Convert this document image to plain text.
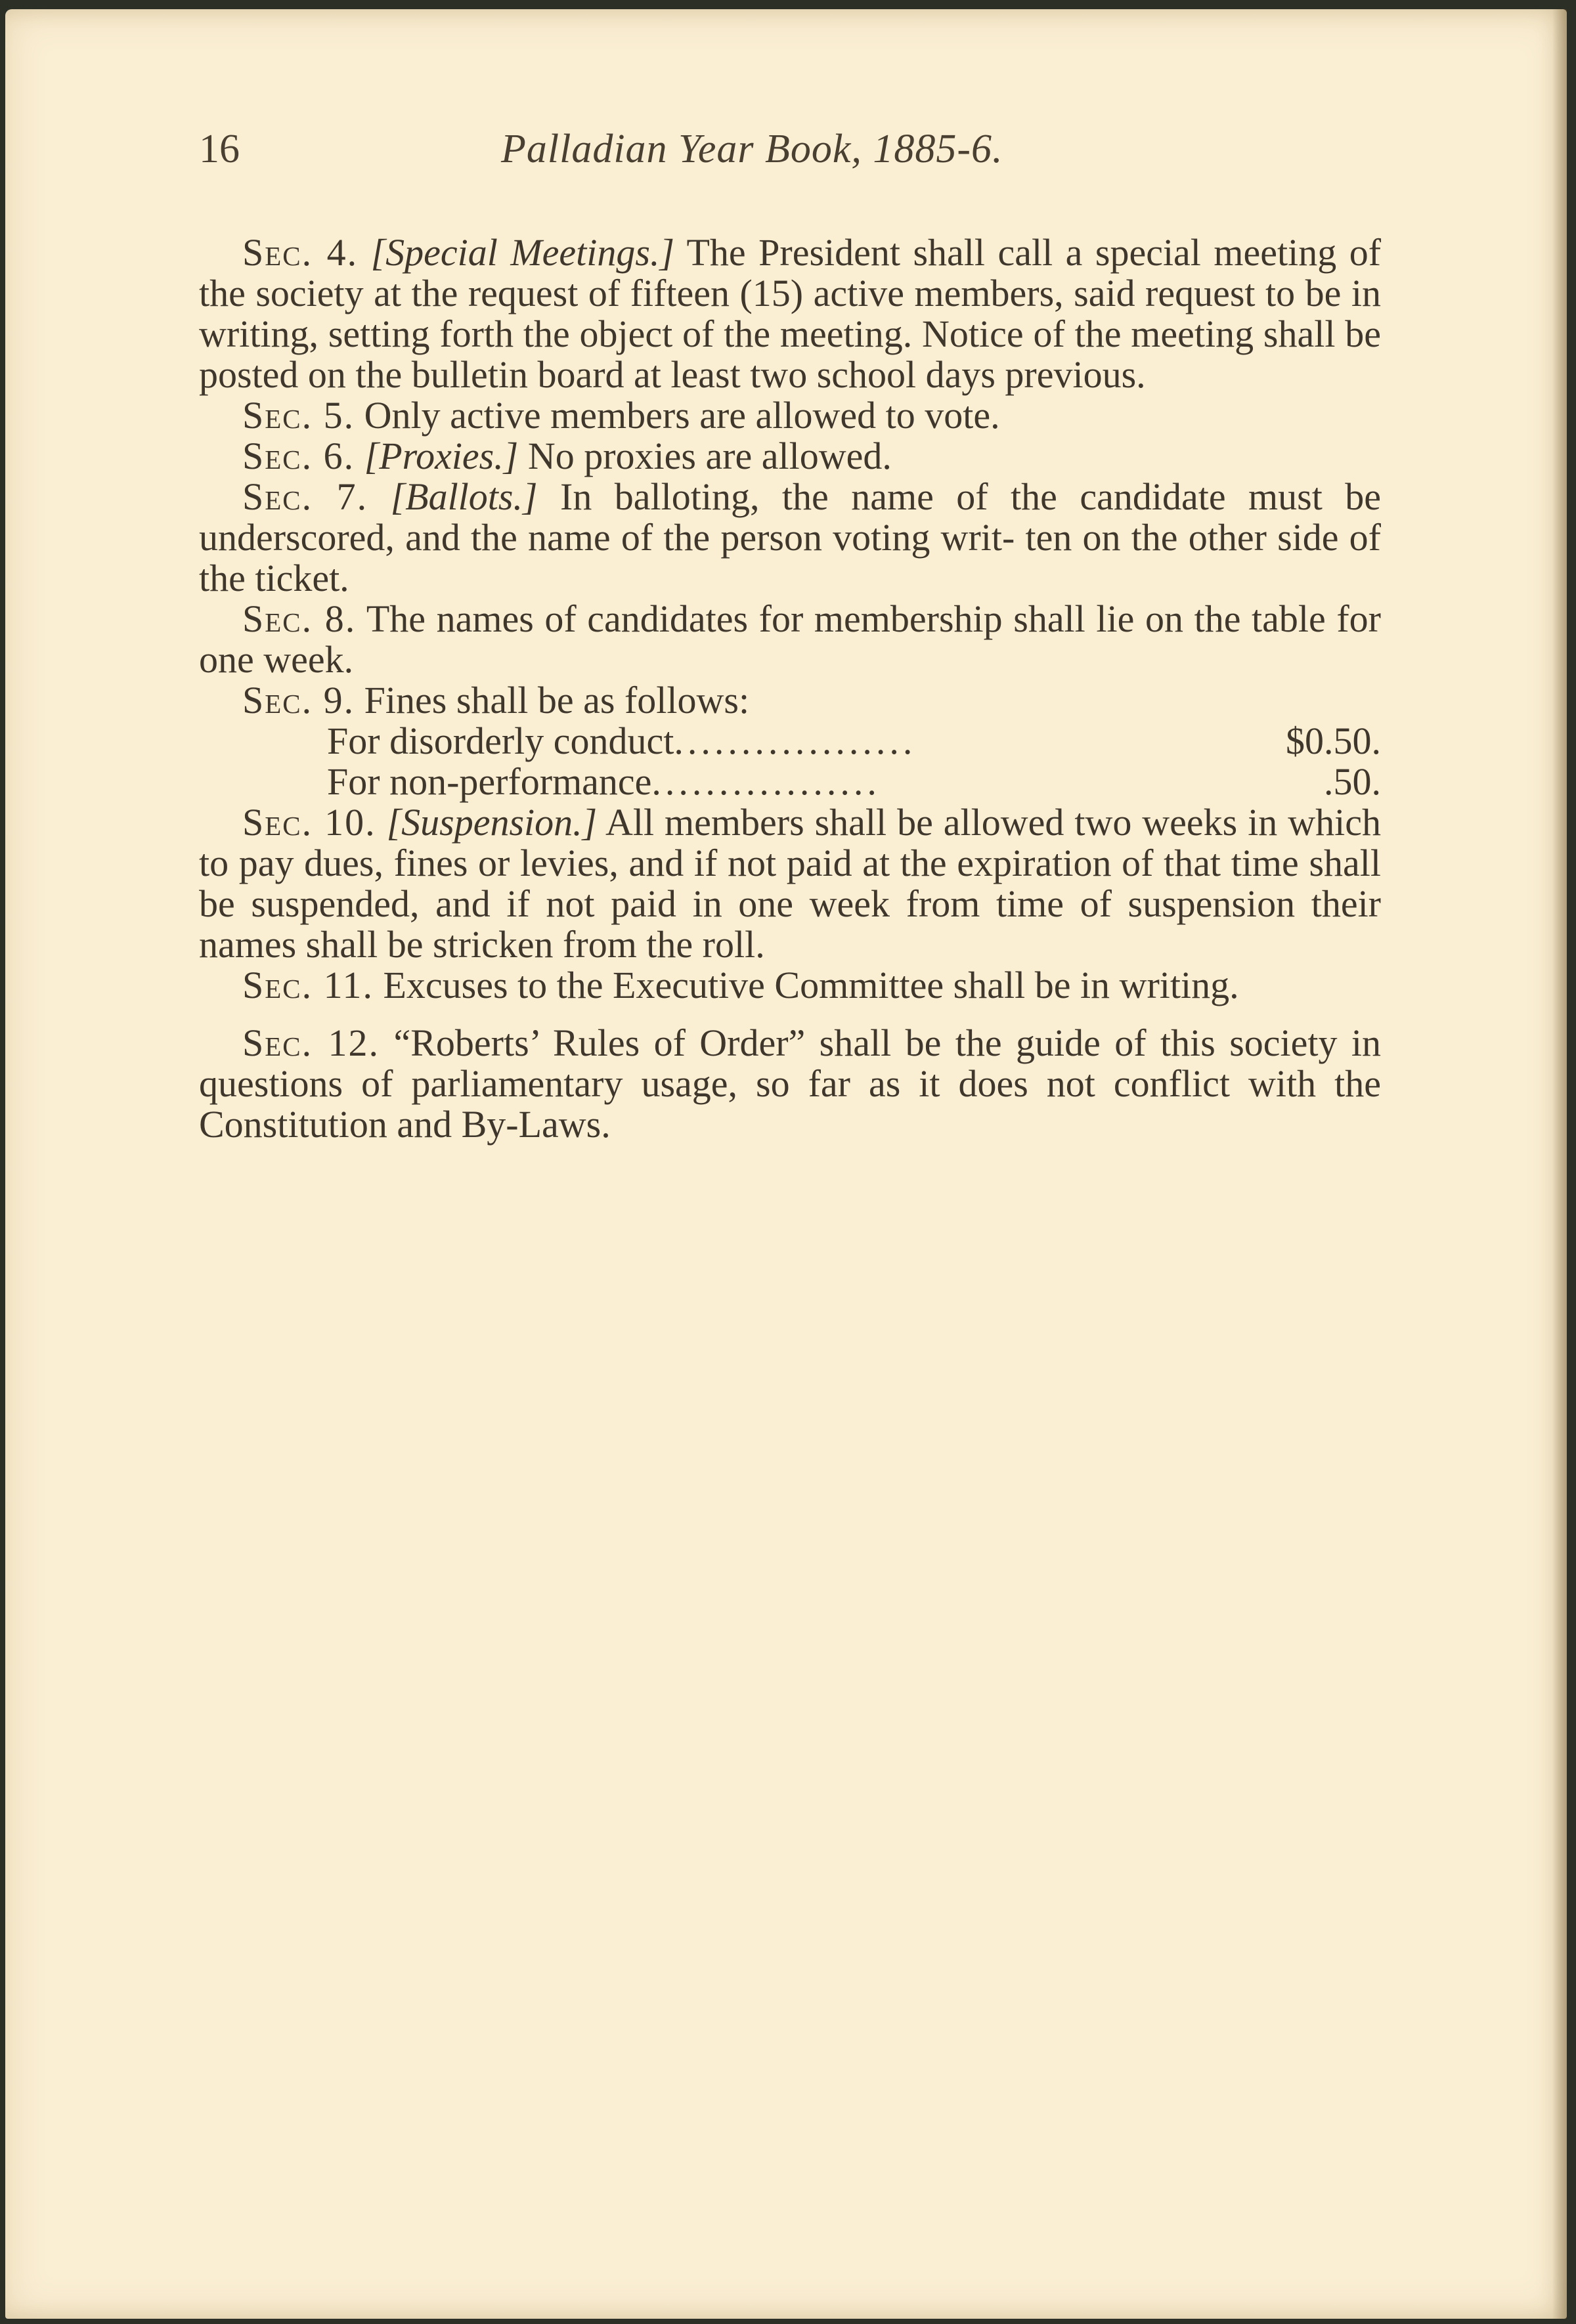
16	Palladian Year Book, 1885-6.

Sec. 4. [Special Meetings.] The President shall call a special meeting of the society at the request of fifteen (15) active members, said request to be in writing, setting forth the object of the meeting. Notice of the meeting shall be posted on the bulletin board at least two school days previous.

Sec. 5. Only active members are allowed to vote.

Sec. 6. [Proxies.] No proxies are allowed.

Sec. 7. [Ballots.] In balloting, the name of the candidate must be underscored, and the name of the person voting writ- ten on the other side of the ticket.

Sec. 8. The names of candidates for membership shall lie on the table for one week.

Sec. 9. Fines shall be as follows:

For disorderly conduct..................	$0.50.
For non-performance.................	.50.

Sec. 10. [Suspension.] All members shall be allowed two weeks in which to pay dues, fines or levies, and if not paid at the expiration of that time shall be suspended, and if not paid in one week from time of suspension their names shall be stricken from the roll.

Sec. 11. Excuses to the Executive Committee shall be in writing.

Sec. 12. “Roberts’ Rules of Order” shall be the guide of this society in questions of parliamentary usage, so far as it does not conflict with the Constitution and By-Laws.
